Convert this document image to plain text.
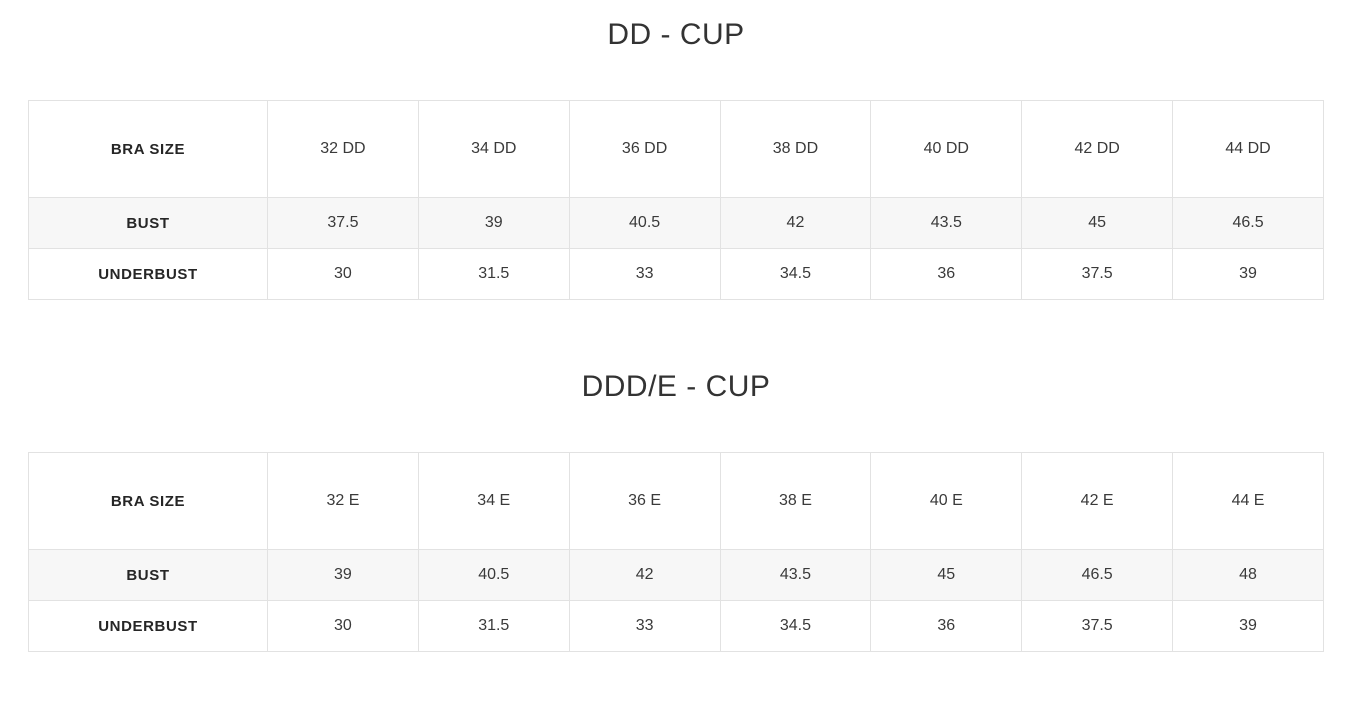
DD - CUP
BRA SIZE	32 DD	34 DD	36 DD	38 DD	40 DD	42 DD	44 DD
BUST	37.5	39	40.5	42	43.5	45	46.5
UNDERBUST	30	31.5	33	34.5	36	37.5	39
DDD/E - CUP
BRA SIZE	32 E	34 E	36 E	38 E	40 E	42 E	44 E
BUST	39	40.5	42	43.5	45	46.5	48
UNDERBUST	30	31.5	33	34.5	36	37.5	39
